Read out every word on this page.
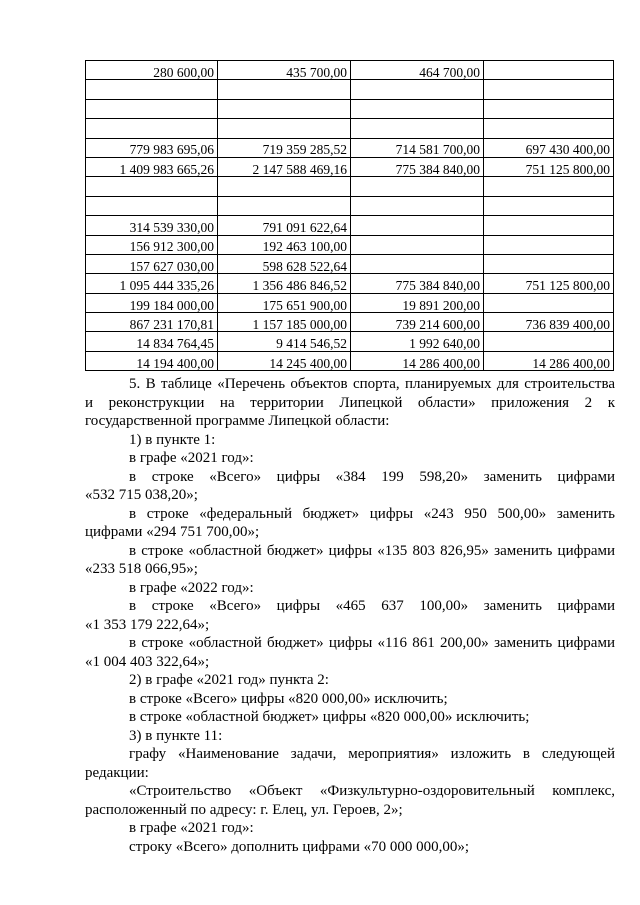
280 600,00	435 700,00	464 700,00	

779 983 695,06	719 359 285,52	714 581 700,00	697 430 400,00
1 409 983 665,26	2 147 588 469,16	775 384 840,00	751 125 800,00

314 539 330,00	791 091 622,64		
156 912 300,00	192 463 100,00		
157 627 030,00	598 628 522,64		
1 095 444 335,26	1 356 486 846,52	775 384 840,00	751 125 800,00
199 184 000,00	175 651 900,00	19 891 200,00	
867 231 170,81	1 157 185 000,00	739 214 600,00	736 839 400,00
14 834 764,45	9 414 546,52	1 992 640,00	
14 194 400,00	14 245 400,00	14 286 400,00	14 286 400,00

5. В таблице «Перечень объектов спорта, планируемых для строительства

и реконструкции на территории Липецкой области» приложения 2 к

государственной программе Липецкой области:

1) в пункте 1:

в графе «2021 год»:

в строке «Всего» цифры «384 199 598,20» заменить цифрами

«532 715 038,20»;

в строке «федеральный бюджет» цифры «243 950 500,00» заменить

цифрами «294 751 700,00»;

в строке «областной бюджет» цифры «135 803 826,95» заменить цифрами

«233 518 066,95»;

в графе «2022 год»:

в строке «Всего» цифры «465 637 100,00» заменить цифрами

«1 353 179 222,64»;

в строке «областной бюджет» цифры «116 861 200,00» заменить цифрами

«1 004 403 322,64»;

2) в графе «2021 год» пункта 2:

в строке «Всего» цифры «820 000,00» исключить;

в строке «областной бюджет» цифры «820 000,00» исключить;

3) в пункте 11:

графу «Наименование задачи, мероприятия» изложить в следующей

редакции:

«Строительство «Объект «Физкультурно-оздоровительный комплекс,

расположенный по адресу: г. Елец, ул. Героев, 2»;

в графе «2021 год»:

строку «Всего» дополнить цифрами «70 000 000,00»;
